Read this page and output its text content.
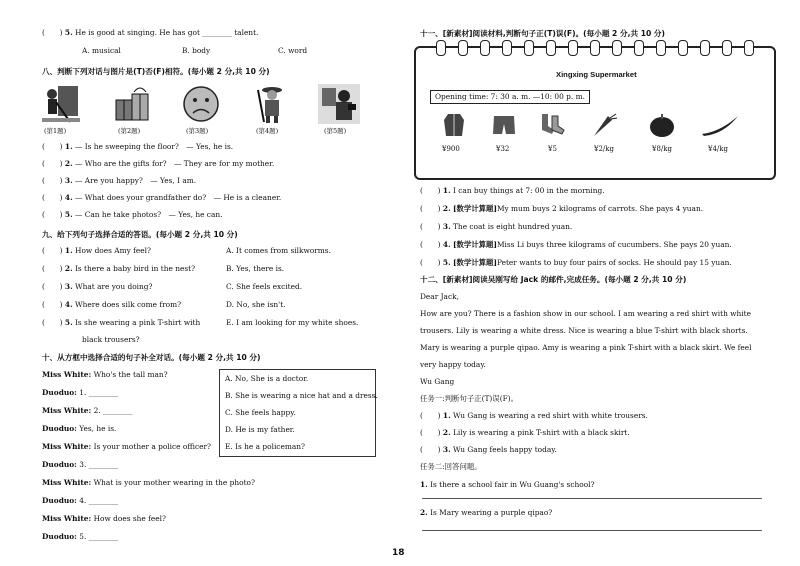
(　　) 5. He is good at singing. He has got ________ talent.
A. musical	B. body	C. word
八、判断下列对话与图片是(T)否(F)相符。(每小题 2 分,共 10 分)
(第1题)	(第2题)	(第3题)	(第4题)	(第5题)
(　　) 1. — Is he sweeping the floor?　— Yes, he is.
(　　) 2. — Who are the gifts for?　— They are for my mother.
(　　) 3. — Are you happy?　— Yes, I am.
(　　) 4. — What does your grandfather do?　— He is a cleaner.
(　　) 5. — Can he take photos?　— Yes, he can.
九、给下列句子选择合适的答语。(每小题 2 分,共 10 分)
(　　) 1. How does Amy feel?	A. It comes from silkworms.
(　　) 2. Is there a baby bird in the nest?	B. Yes, there is.
(　　) 3. What are you doing?	C. She feels excited.
(　　) 4. Where does silk come from?	D. No, she isn't.
(　　) 5. Is she wearing a pink T-shirt with	E. I am looking for my white shoes.
black trousers?
十、从方框中选择合适的句子补全对话。(每小题 2 分,共 10 分)
Miss White: Who's the tall man?
Duoduo: 1. ________
Miss White: 2. ________
Duoduo: Yes, he is.
Miss White: Is your mother a police officer?
Duoduo: 3. ________
Miss White: What is your mother wearing in the photo?
Duoduo: 4. ________
Miss White: How does she feel?
Duoduo: 5. ________
A. No, She is a doctor.
B. She is wearing a nice hat and a dress.
C. She feels happy.
D. He is my father.
E. Is he a policeman?
十一、[新素材]阅读材料,判断句子正(T)误(F)。(每小题 2 分,共 10 分)
Xingxing Supermarket
Opening time: 7: 30 a. m. —10: 00 p. m.
¥900	¥32	¥5	¥2/kg	¥8/kg	¥4/kg
(　　) 1. I can buy things at 7: 00 in the morning.
(　　) 2. [数学计算题]My mum buys 2 kilograms of carrots. She pays 4 yuan.
(　　) 3. The coat is eight hundred yuan.
(　　) 4. [数学计算题]Miss Li buys three kilograms of cucumbers. She pays 20 yuan.
(　　) 5. [数学计算题]Peter wants to buy four pairs of socks. He should pay 15 yuan.
十二、[新素材]阅读吴刚写给 Jack 的邮件,完成任务。(每小题 2 分,共 10 分)
Dear Jack,
How are you? There is a fashion show in our school. I am wearing a red shirt with white
trousers. Lily is wearing a white dress. Nice is wearing a blue T-shirt with black shorts.
Mary is wearing a purple qipao. Amy is wearing a pink T-shirt with a black skirt. We feel
very happy today.
Wu Gang
任务一:判断句子正(T)误(F)。
(　　) 1. Wu Gang is wearing a red shirt with white trousers.
(　　) 2. Lily is wearing a pink T-shirt with a black skirt.
(　　) 3. Wu Gang feels happy today.
任务二:回答问题。
1. Is there a school fair in Wu Guang's school?
2. Is Mary wearing a purple qipao?
18
